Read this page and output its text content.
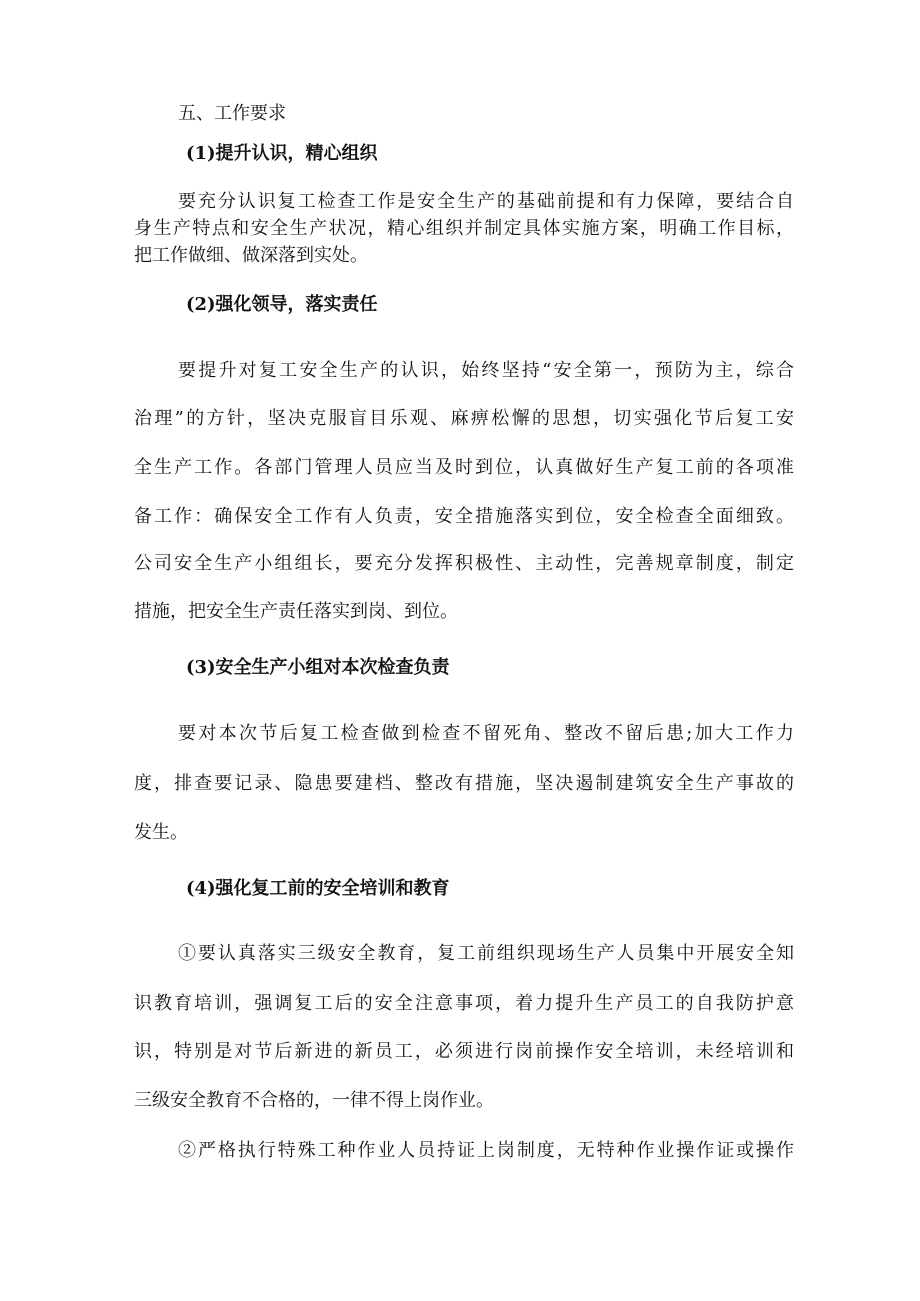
五、工作要求
(1)提升认识，精心组织
要充分认识复工检查工作是安全生产的基础前提和有力保障，要结合自
身生产特点和安全生产状况，精心组织并制定具体实施方案，明确工作目标，
把工作做细、做深落到实处。
(2)强化领导，落实责任
要提升对复工安全生产的认识，始终坚持“安全第一，预防为主，综合
治理”的方针，坚决克服盲目乐观、麻痹松懈的思想，切实强化节后复工安
全生产工作。各部门管理人员应当及时到位，认真做好生产复工前的各项准
备工作：确保安全工作有人负责，安全措施落实到位，安全检查全面细致。
公司安全生产小组组长，要充分发挥积极性、主动性，完善规章制度，制定
措施，把安全生产责任落实到岗、到位。
(3)安全生产小组对本次检查负责
要对本次节后复工检查做到检查不留死角、整改不留后患;加大工作力
度，排查要记录、隐患要建档、整改有措施，坚决遏制建筑安全生产事故的
发生。
(4)强化复工前的安全培训和教育
①要认真落实三级安全教育，复工前组织现场生产人员集中开展安全知
识教育培训，强调复工后的安全注意事项，着力提升生产员工的自我防护意
识，特别是对节后新进的新员工，必须进行岗前操作安全培训，未经培训和
三级安全教育不合格的，一律不得上岗作业。
②严格执行特殊工种作业人员持证上岗制度，无特种作业操作证或操作
